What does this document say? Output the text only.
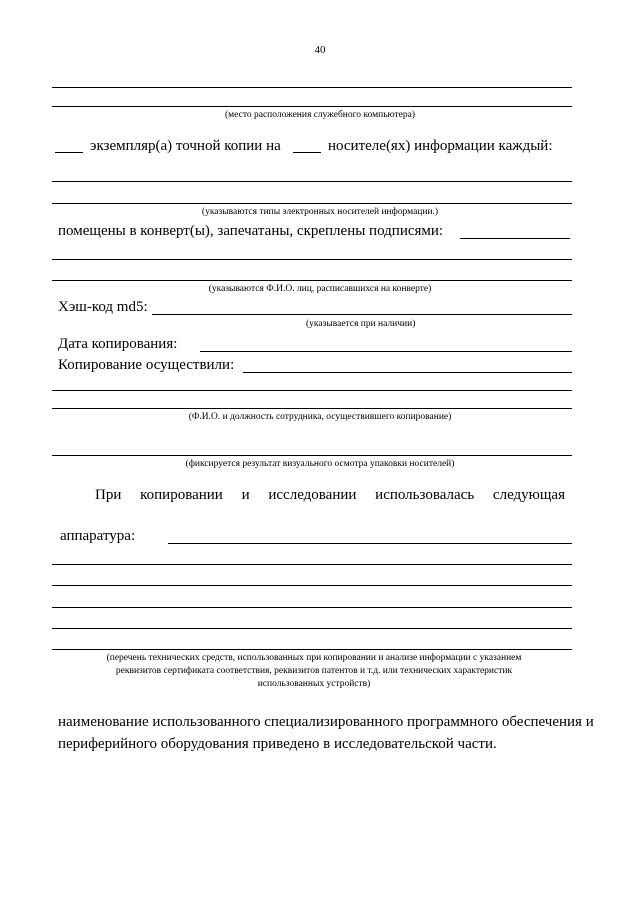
40
(место расположения служебного компьютера)
экземпляр(а) точной копии на	носителе(ях) информации каждый:
(указываются типы электронных носителей информации.)
помещены в конверт(ы), запечатаны, скреплены подписями:
(указываются Ф.И.О. лиц, расписавшихся на конверте)
Хэш-код md5:
(указывается при наличии)
Дата копирования:
Копирование осуществили:
(Ф.И.О. и должность сотрудника, осуществившего копирование)
(фиксируется результат визуального осмотра упаковки носителей)
При копировании и исследовании использовалась следующая
аппаратура:
(перечень технических средств, использованных при копировании и анализе информации с указанием
реквизитов сертификата соответствия, реквизитов патентов и т.д. или технических характеристик
использованных устройств)
наименование использованного специализированного программного обеспечения и
периферийного оборудования приведено в исследовательской части.
